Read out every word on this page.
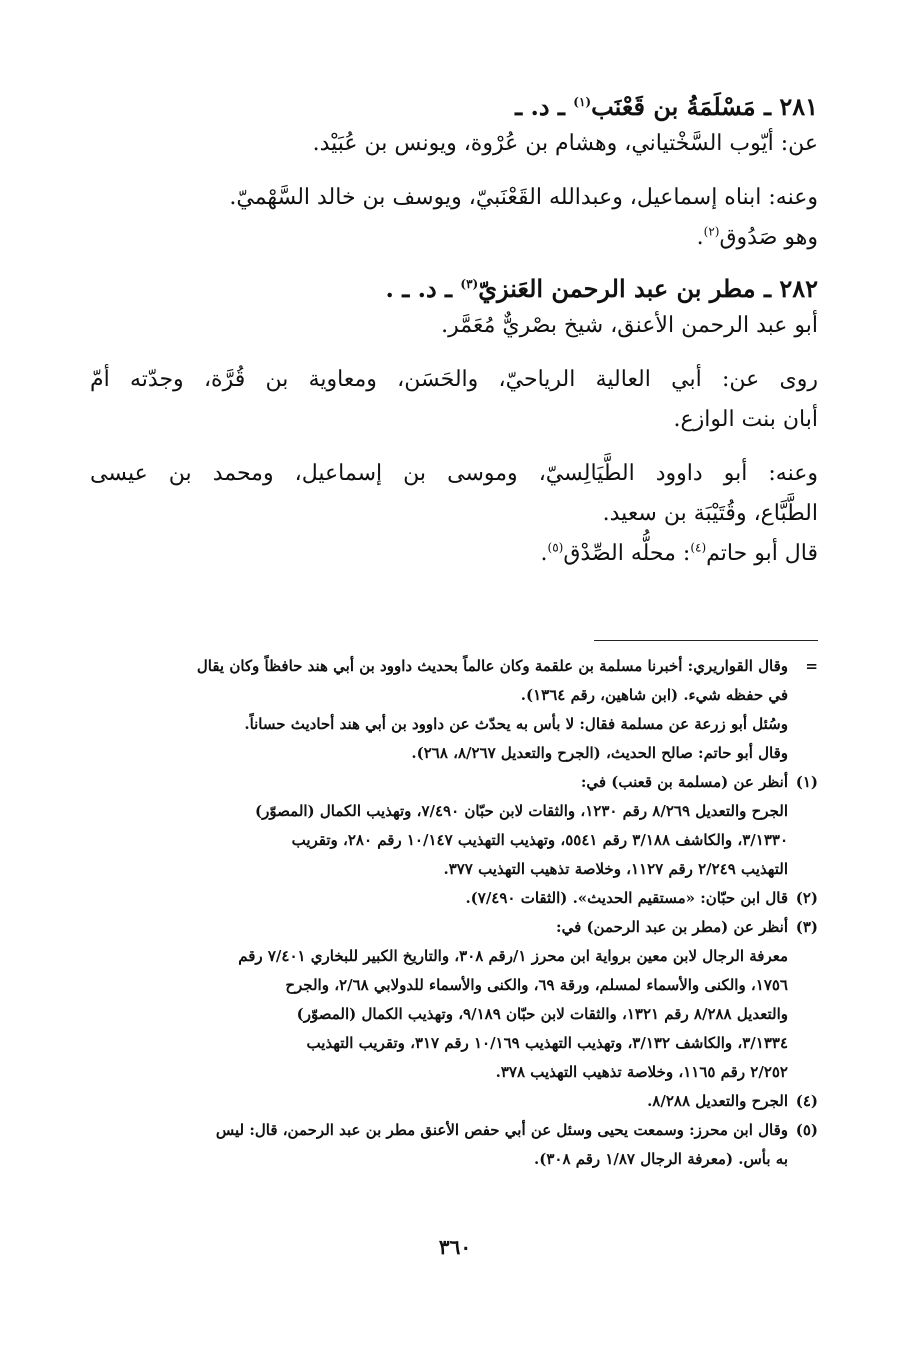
٢٨١ ـ مَسْلَمَةُ بن قَعْنَب$^{(١)}$ ـ د. ـ

عن: أيّوب السَّخْتياني، وهشام بن عُرْوة، ويونس بن عُبَيْد.

وعنه: ابناه إسماعيل، وعبدالله القَعْنَبيّ، ويوسف بن خالد السَّهْميّ.

وهو صَدُوق$^{(٢)}$.

٢٨٢ ـ مطر بن عبد الرحمن العَنزيّ$^{(٣)}$ ـ د. ـ .

أبو عبد الرحمن الأعنق، شيخ بصْريٌّ مُعَمَّر.

روى عن: أبي العالية الرياحيّ، والحَسَن، ومعاوية بن قُرَّة، وجدّته أمّ

أبان بنت الوازع.

وعنه: أبو داوود الطَّيَالِسيّ، وموسى بن إسماعيل، ومحمد بن عيسى

الطَّبَّاع، وقُتَيْبَة بن سعيد.

قال أبو حاتم$^{(٤)}$: محلُّه الصِّدْق$^{(٥)}$.

=
وقال القواريري: أخبرنا مسلمة بن علقمة وكان عالماً بحديث داوود بن أبي هند حافظاً وكان يقال
في حفظه شيء. (ابن شاهين، رقم ١٣٦٤).
وسُئل أبو زرعة عن مسلمة فقال: لا بأس به يحدّث عن داوود بن أبي هند أحاديث حساناً.
وقال أبو حاتم: صالح الحديث، (الجرح والتعديل ٨/٢٦٧، ٢٦٨).
(١)
أنظر عن (مسلمة بن قعنب) في:
الجرح والتعديل ٨/٢٦٩ رقم ١٢٣٠، والثقات لابن حبّان ٧/٤٩٠، وتهذيب الكمال (المصوّر)
٣/١٣٣٠، والكاشف ٣/١٨٨ رقم ٥٥٤١، وتهذيب التهذيب ١٠/١٤٧ رقم ٢٨٠، وتقريب
التهذيب ٢/٢٤٩ رقم ١١٢٧، وخلاصة تذهيب التهذيب ٣٧٧.
(٢)
قال ابن حبّان: «مستقيم الحديث». (الثقات ٧/٤٩٠).
(٣)
أنظر عن (مطر بن عبد الرحمن) في:
معرفة الرجال لابن معين برواية ابن محرز ١/رقم ٣٠٨، والتاريخ الكبير للبخاري ٧/٤٠١ رقم
١٧٥٦، والكنى والأسماء لمسلم، ورقة ٦٩، والكنى والأسماء للدولابي ٢/٦٨، والجرح
والتعديل ٨/٢٨٨ رقم ١٣٢١، والثقات لابن حبّان ٩/١٨٩، وتهذيب الكمال (المصوّر)
٣/١٣٣٤، والكاشف ٣/١٣٢، وتهذيب التهذيب ١٠/١٦٩ رقم ٣١٧، وتقريب التهذيب
٢/٢٥٢ رقم ١١٦٥، وخلاصة تذهيب التهذيب ٣٧٨.
(٤)
الجرح والتعديل ٨/٢٨٨.
(٥)
وقال ابن محرز: وسمعت يحيى وسئل عن أبي حفص الأعنق مطر بن عبد الرحمن، قال: ليس
به بأس. (معرفة الرجال ١/٨٧ رقم ٣٠٨).
٣٦٠
